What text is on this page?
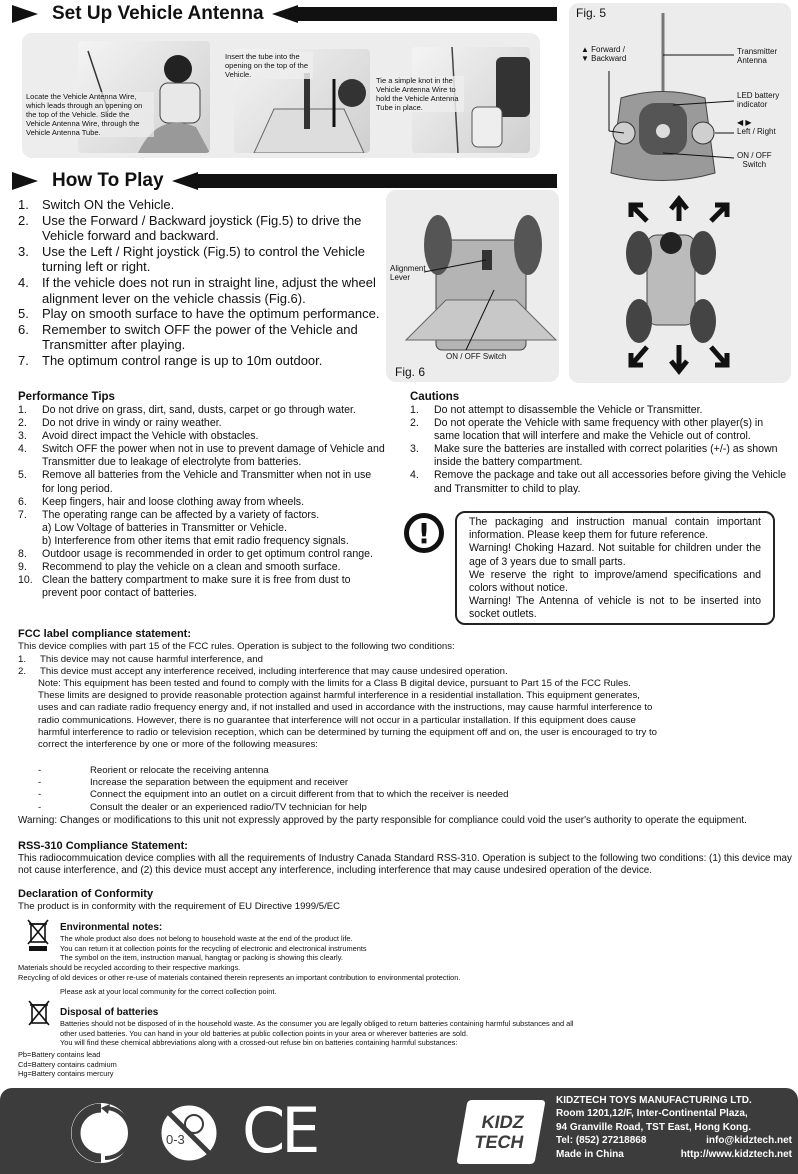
Set Up Vehicle Antenna
Locate the Vehicle Antenna Wire, which leads through an opening on the top of the Vehicle. Slide the Vehicle Antenna Wire, through the Vehicle Antenna Tube.
Insert the tube into the opening on the top of the Vehicle.
Tie a simple knot in the Vehicle Antenna Wire to hold the Vehicle Antenna Tube in place.
Fig. 5
▲ Forward /
▼ Backward
Transmitter
Antenna
LED battery
indicator
◀ ▶
Left / Right
ON / OFF
Switch
How To Play
1.	Switch ON the Vehicle.
2.	Use the Forward / Backward joystick (Fig.5) to drive the Vehicle forward and backward.
3.	Use the Left / Right joystick (Fig.5) to control the Vehicle turning left or right.
4.	If the vehicle does not run in straight line, adjust the wheel alignment lever on the vehicle chassis (Fig.6).
5.	Play on smooth surface to have the optimum performance.
6.	Remember to switch OFF the power of the Vehicle and Transmitter after playing.
7.	The optimum control range is up to 10m outdoor.
Alignment
Lever
ON / OFF Switch
Fig. 6
Performance Tips
1.	Do not drive on grass, dirt, sand, dusts, carpet or go through water.
2.	Do not drive in windy or rainy weather.
3.	Avoid direct impact the Vehicle with obstacles.
4.	Switch OFF the power when not in use to prevent damage of Vehicle and Transmitter due to leakage of electrolyte from batteries.
5.	Remove all batteries from the Vehicle and Transmitter when not in use for long period.
6.	Keep fingers, hair and loose clothing away from wheels.
7.	The operating range can be affected by a variety of factors.
a) Low Voltage of batteries in Transmitter or Vehicle.
b) Interference from other items that emit radio frequency signals.
8.	Outdoor usage is recommended in order to get optimum control range.
9.	Recommend to play the vehicle on a clean and smooth surface.
10. Clean the battery compartment to make sure it is free from dust to prevent poor contact of batteries.
Cautions
1.	Do not attempt to disassemble the Vehicle or Transmitter.
2.	Do not operate the Vehicle with same frequency with other player(s) in same location that will interfere and make the Vehicle out of control.
3.	Make sure the batteries are installed with correct polarities (+/-) as shown inside the battery compartment.
4.	Remove the package and take out all accessories before giving the Vehicle and Transmitter to child to play.
!	The packaging and instruction manual contain important information. Please keep them for future reference.
Warning! Choking Hazard. Not suitable for children under the age of 3 years due to small parts.
We reserve the right to improve/amend specifications and colors without notice.
Warning! The Antenna of vehicle is not to be inserted into socket outlets.
FCC label compliance statement:
This device complies with part 15 of the FCC rules. Operation is subject to the following two conditions:
1.	This device may not cause harmful interference, and
2.	This device must accept any interference received, including interference that may cause undesired operation.
Note: This equipment has been tested and found to comply with the limits for a Class B digital device, pursuant to Part 15 of the FCC Rules. These limits are designed to provide reasonable protection against harmful interference in a residential installation. This equipment generates, uses and can radiate radio frequency energy and, if not installed and used in accordance with the instructions, may cause harmful interference to radio communications. However, there is no guarantee that interference will not occur in a particular installation. If this equipment does cause harmful interference to radio or television reception, which can be determined by turning the equipment off and on, the user is encouraged to try to correct the interference by one or more of the following measures:
-	Reorient or relocate the receiving antenna
-	Increase the separation between the equipment and receiver
-	Connect the equipment into an outlet on a circuit different from that to which the receiver is needed
-	Consult the dealer or an experienced radio/TV technician for help
Warning: Changes or modifications to this unit not expressly approved by the party responsible for compliance could void the user's authority to operate the equipment.
RSS-310 Compliance Statement:
This radiocommuication device complies with all the requirements of Industry Canada Standard RSS-310. Operation is subject to the following two conditions: (1) this device may not cause interference, and (2) this device must accept any interference, including interference that may cause undesired operation of the device.
Declaration of Conformity
The product is in conformity with the requirement of EU Directive 1999/5/EC
Environmental notes:
The whole product also does not belong to household waste at the end of the product life.
You can return it at collection points for the recycling of electronic and electronical instruments
The symbol on the item, instruction manual, hangtag or packing is showing this clearly.
Materials should be recycled according to their respective markings.
Recycling of old devices or other re-use of materials contained therein represents an important contribution to environmental protection.
Please ask at your local community for the correct collection point.
Disposal of batteries
Batteries should not be disposed of in the household waste. As the consumer you are legally obliged to return batteries containing harmful substances and all
other used batteries. You can hand in your old batteries at public collection points in your area or wherever batteries are sold.
You will find these chemical abbreviations along with a crossed-out refuse bin on batteries containing harmful substances:
Pb=Battery contains lead
Cd=Battery contains cadmium
Hg=Battery contains mercury
0-3 CE	KIDZ
TECH
KIDZTECH TOYS MANUFACTURING LTD.
Room 1201,12/F, Inter-Continental Plaza,
94 Granville Road, TST East, Hong Kong.
Tel: (852) 27218868	info@kidztech.net
Made in China	http://www.kidztech.net
